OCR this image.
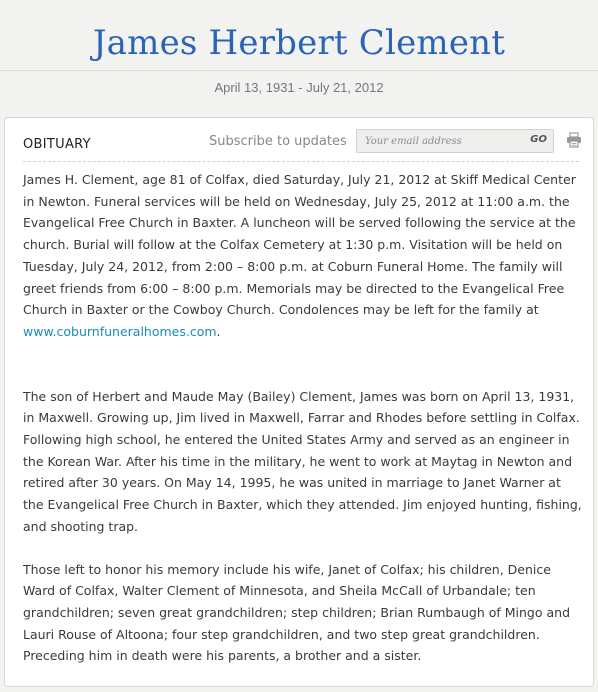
James Herbert Clement
April 13, 1931 - July 21, 2012
OBITUARY	Subscribe to updates
Your email address	GO

James H. Clement, age 81 of Colfax, died Saturday, July 21, 2012 at Skiff Medical Center in Newton. Funeral services will be held on Wednesday, July 25, 2012 at 11:00 a.m. the Evangelical Free Church in Baxter. A luncheon will be served following the service at the church. Burial will follow at the Colfax Cemetery at 1:30 p.m. Visitation will be held on Tuesday, July 24, 2012, from 2:00 – 8:00 p.m. at Coburn Funeral Home. The family will greet friends from 6:00 – 8:00 p.m. Memorials may be directed to the Evangelical Free Church in Baxter or the Cowboy Church. Condolences may be left for the family at www.coburnfuneralhomes.com.

The son of Herbert and Maude May (Bailey) Clement, James was born on April 13, 1931, in Maxwell. Growing up, Jim lived in Maxwell, Farrar and Rhodes before settling in Colfax. Following high school, he entered the United States Army and served as an engineer in the Korean War. After his time in the military, he went to work at Maytag in Newton and retired after 30 years. On May 14, 1995, he was united in marriage to Janet Warner at the Evangelical Free Church in Baxter, which they attended. Jim enjoyed hunting, fishing, and shooting trap.

Those left to honor his memory include his wife, Janet of Colfax; his children, Denice Ward of Colfax, Walter Clement of Minnesota, and Sheila McCall of Urbandale; ten grandchildren; seven great grandchildren; step children; Brian Rumbaugh of Mingo and Lauri Rouse of Altoona; four step grandchildren, and two step great grandchildren. Preceding him in death were his parents, a brother and a sister.
